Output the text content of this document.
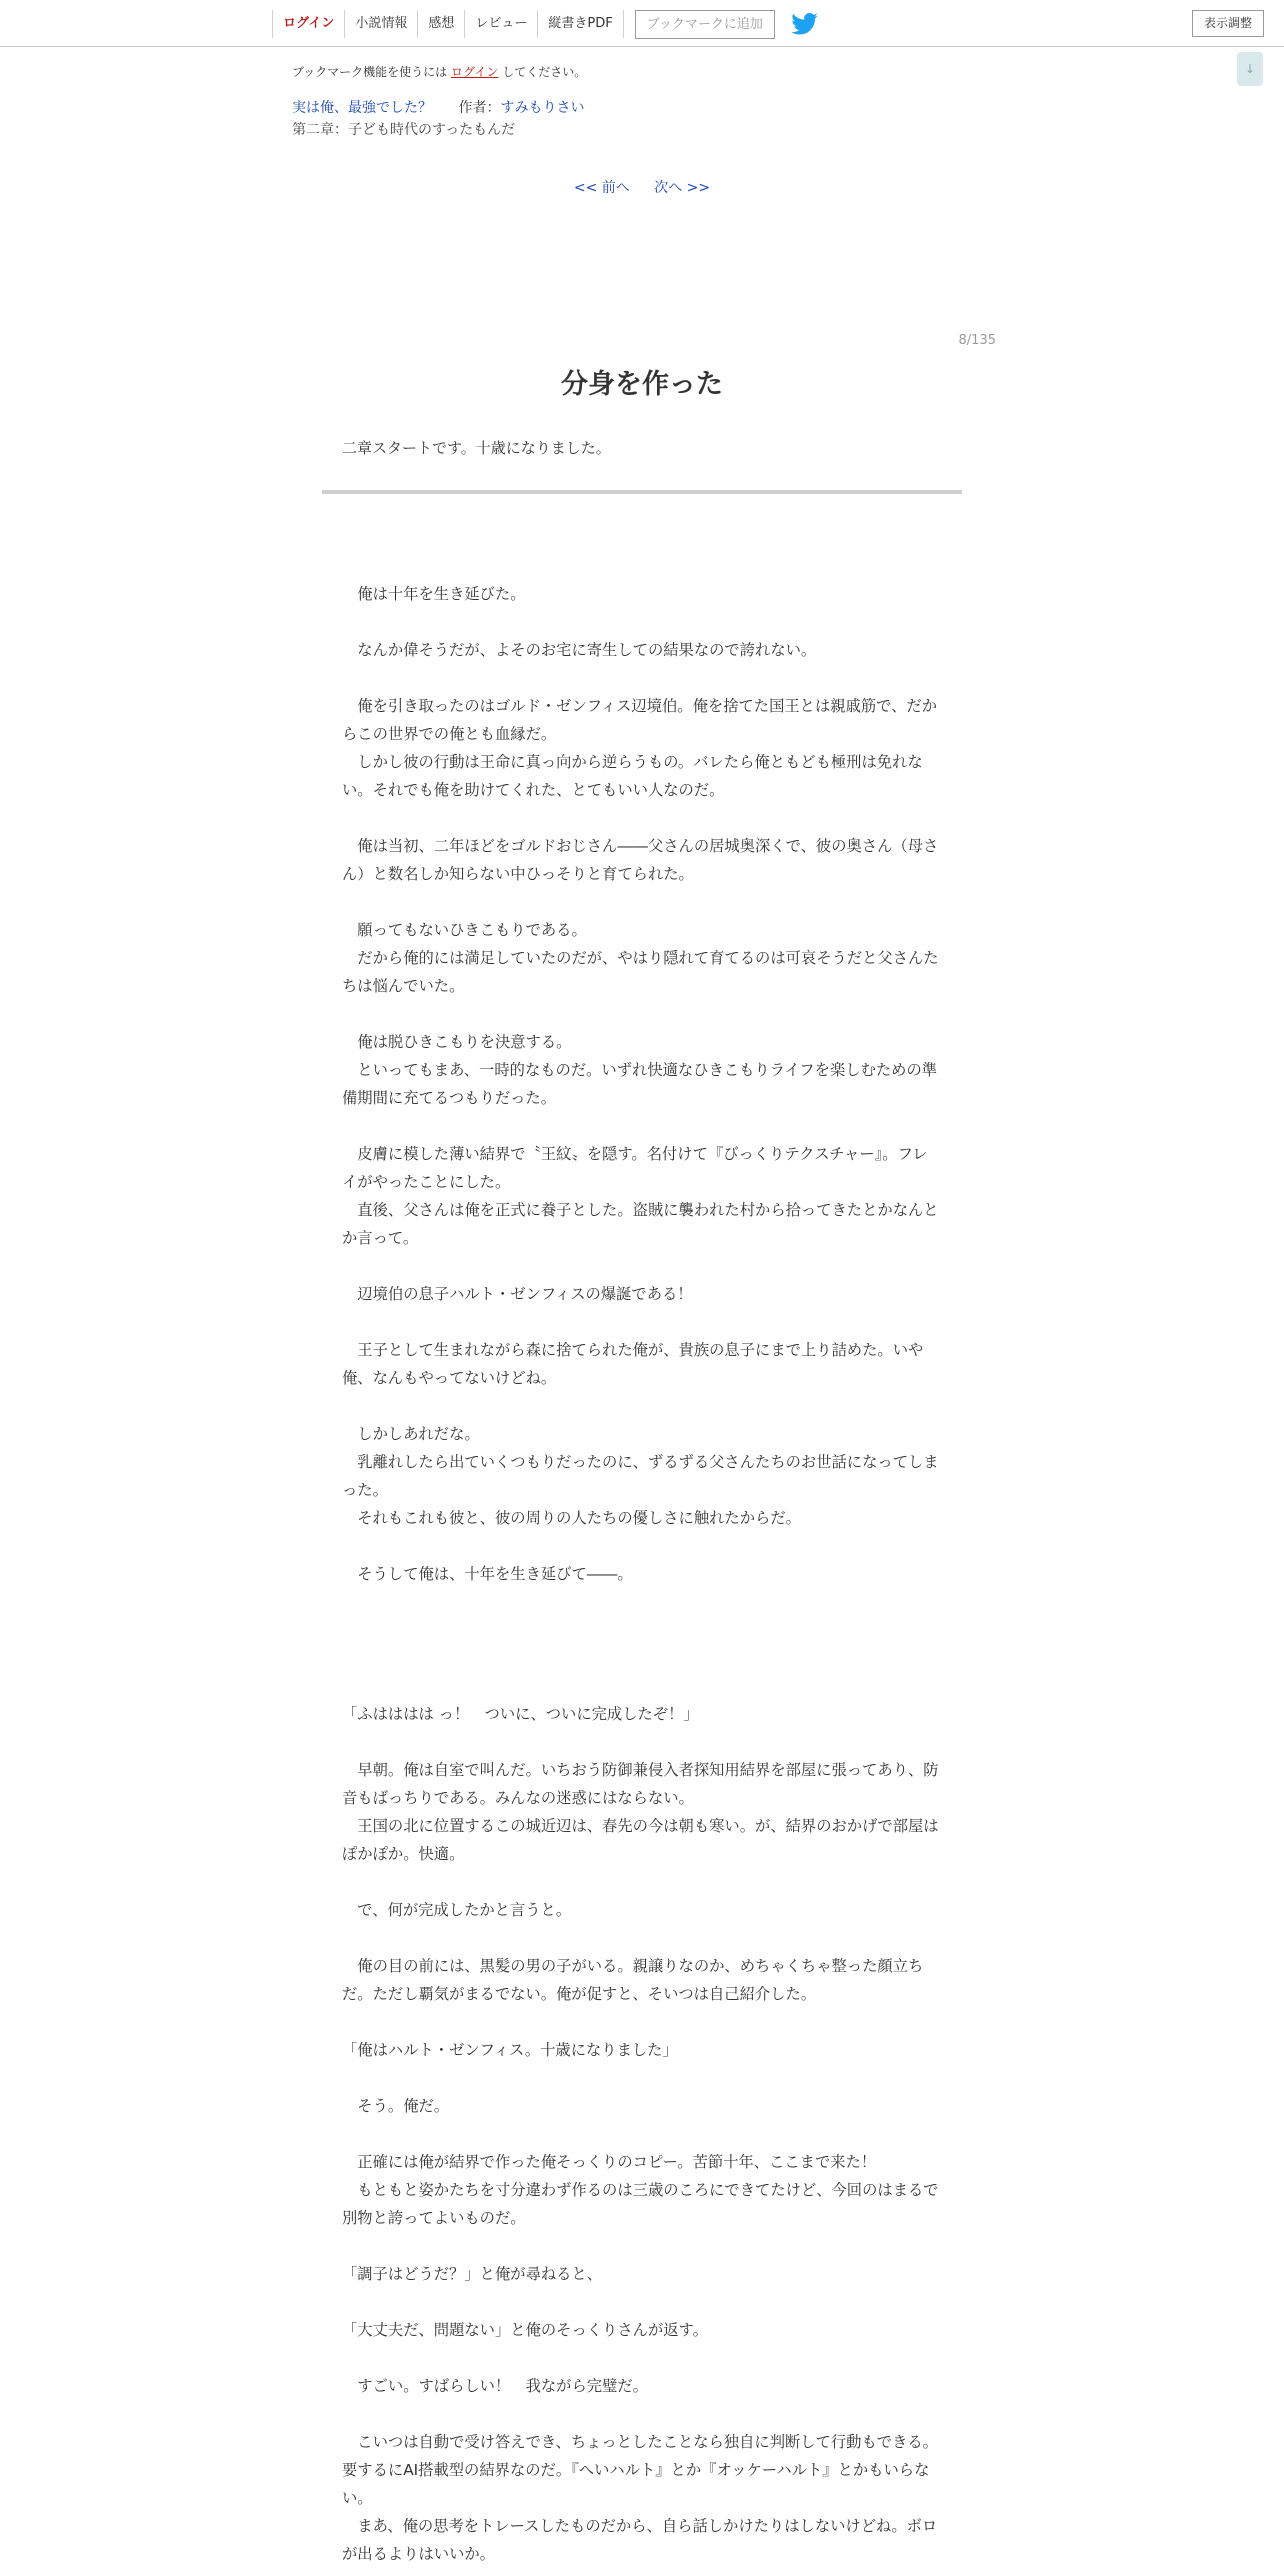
ログイン	小説情報	感想	レビュー	縦書きPDF	ブックマークに追加	表示調整
↓
ブックマーク機能を使うには ログイン してください。
実は俺、最強でした？ 作者：すみもりさい
第二章：子ども時代のすったもんだ
<< 前へ 次へ >>
8/135
分身を作った
二章スタートです。十歳になりました。

　俺は十年を生き延びた。

　なんか偉そうだが、よそのお宅に寄生しての結果なので誇れない。

　俺を引き取ったのはゴルド・ゼンフィス辺境伯。俺を捨てた国王とは親戚筋で、だからこの世界での俺とも血縁だ。

　しかし彼の行動は王命に真っ向から逆らうもの。バレたら俺ともども極刑は免れない。それでも俺を助けてくれた、とてもいい人なのだ。

　俺は当初、二年ほどをゴルドおじさん――父さんの居城奥深くで、彼の奥さん（母さん）と数名しか知らない中ひっそりと育てられた。

　願ってもないひきこもりである。

　だから俺的には満足していたのだが、やはり隠れて育てるのは可哀そうだと父さんたちは悩んでいた。

　俺は脱ひきこもりを決意する。

　といってもまあ、一時的なものだ。いずれ快適なひきこもりライフを楽しむための準備期間に充てるつもりだった。

　皮膚に模した薄い結界で〝王紋〟を隠す。名付けて『びっくりテクスチャー』。フレイがやったことにした。

　直後、父さんは俺を正式に養子とした。盗賊に襲われた村から拾ってきたとかなんとか言って。

　辺境伯の息子ハルト・ゼンフィスの爆誕である！

　王子として生まれながら森に捨てられた俺が、貴族の息子にまで上り詰めた。いや俺、なんもやってないけどね。

　しかしあれだな。

　乳離れしたら出ていくつもりだったのに、ずるずる父さんたちのお世話になってしまった。

　それもこれも彼と、彼の周りの人たちの優しさに触れたからだ。

　そうして俺は、十年を生き延びて――。

「ふはははは っ！　ついに、ついに完成したぞ！」

　早朝。俺は自室で叫んだ。いちおう防御兼侵入者探知用結界を部屋に張ってあり、防音もばっちりである。みんなの迷惑にはならない。

　王国の北に位置するこの城近辺は、春先の今は朝も寒い。が、結界のおかげで部屋はぽかぽか。快適。

　で、何が完成したかと言うと。

　俺の目の前には、黒髪の男の子がいる。親譲りなのか、めちゃくちゃ整った顔立ちだ。ただし覇気がまるでない。俺が促すと、そいつは自己紹介した。

「俺はハルト・ゼンフィス。十歳になりました」

　そう。俺だ。

　正確には俺が結界で作った俺そっくりのコピー。苦節十年、ここまで来た！

　もともと姿かたちを寸分違わず作るのは三歳のころにできてたけど、今回のはまるで別物と誇ってよいものだ。

「調子はどうだ？」と俺が尋ねると、

「大丈夫だ、問題ない」と俺のそっくりさんが返す。

　すごい。すばらしい！　我ながら完璧だ。

　こいつは自動で受け答えでき、ちょっとしたことなら独自に判断して行動もできる。要するにAI搭載型の結界なのだ。『へいハルト』とか『オッケーハルト』とかもいらない。

　まあ、俺の思考をトレースしたものだから、自ら話しかけたりはしないけどね。ボロが出るよりはいいか。
